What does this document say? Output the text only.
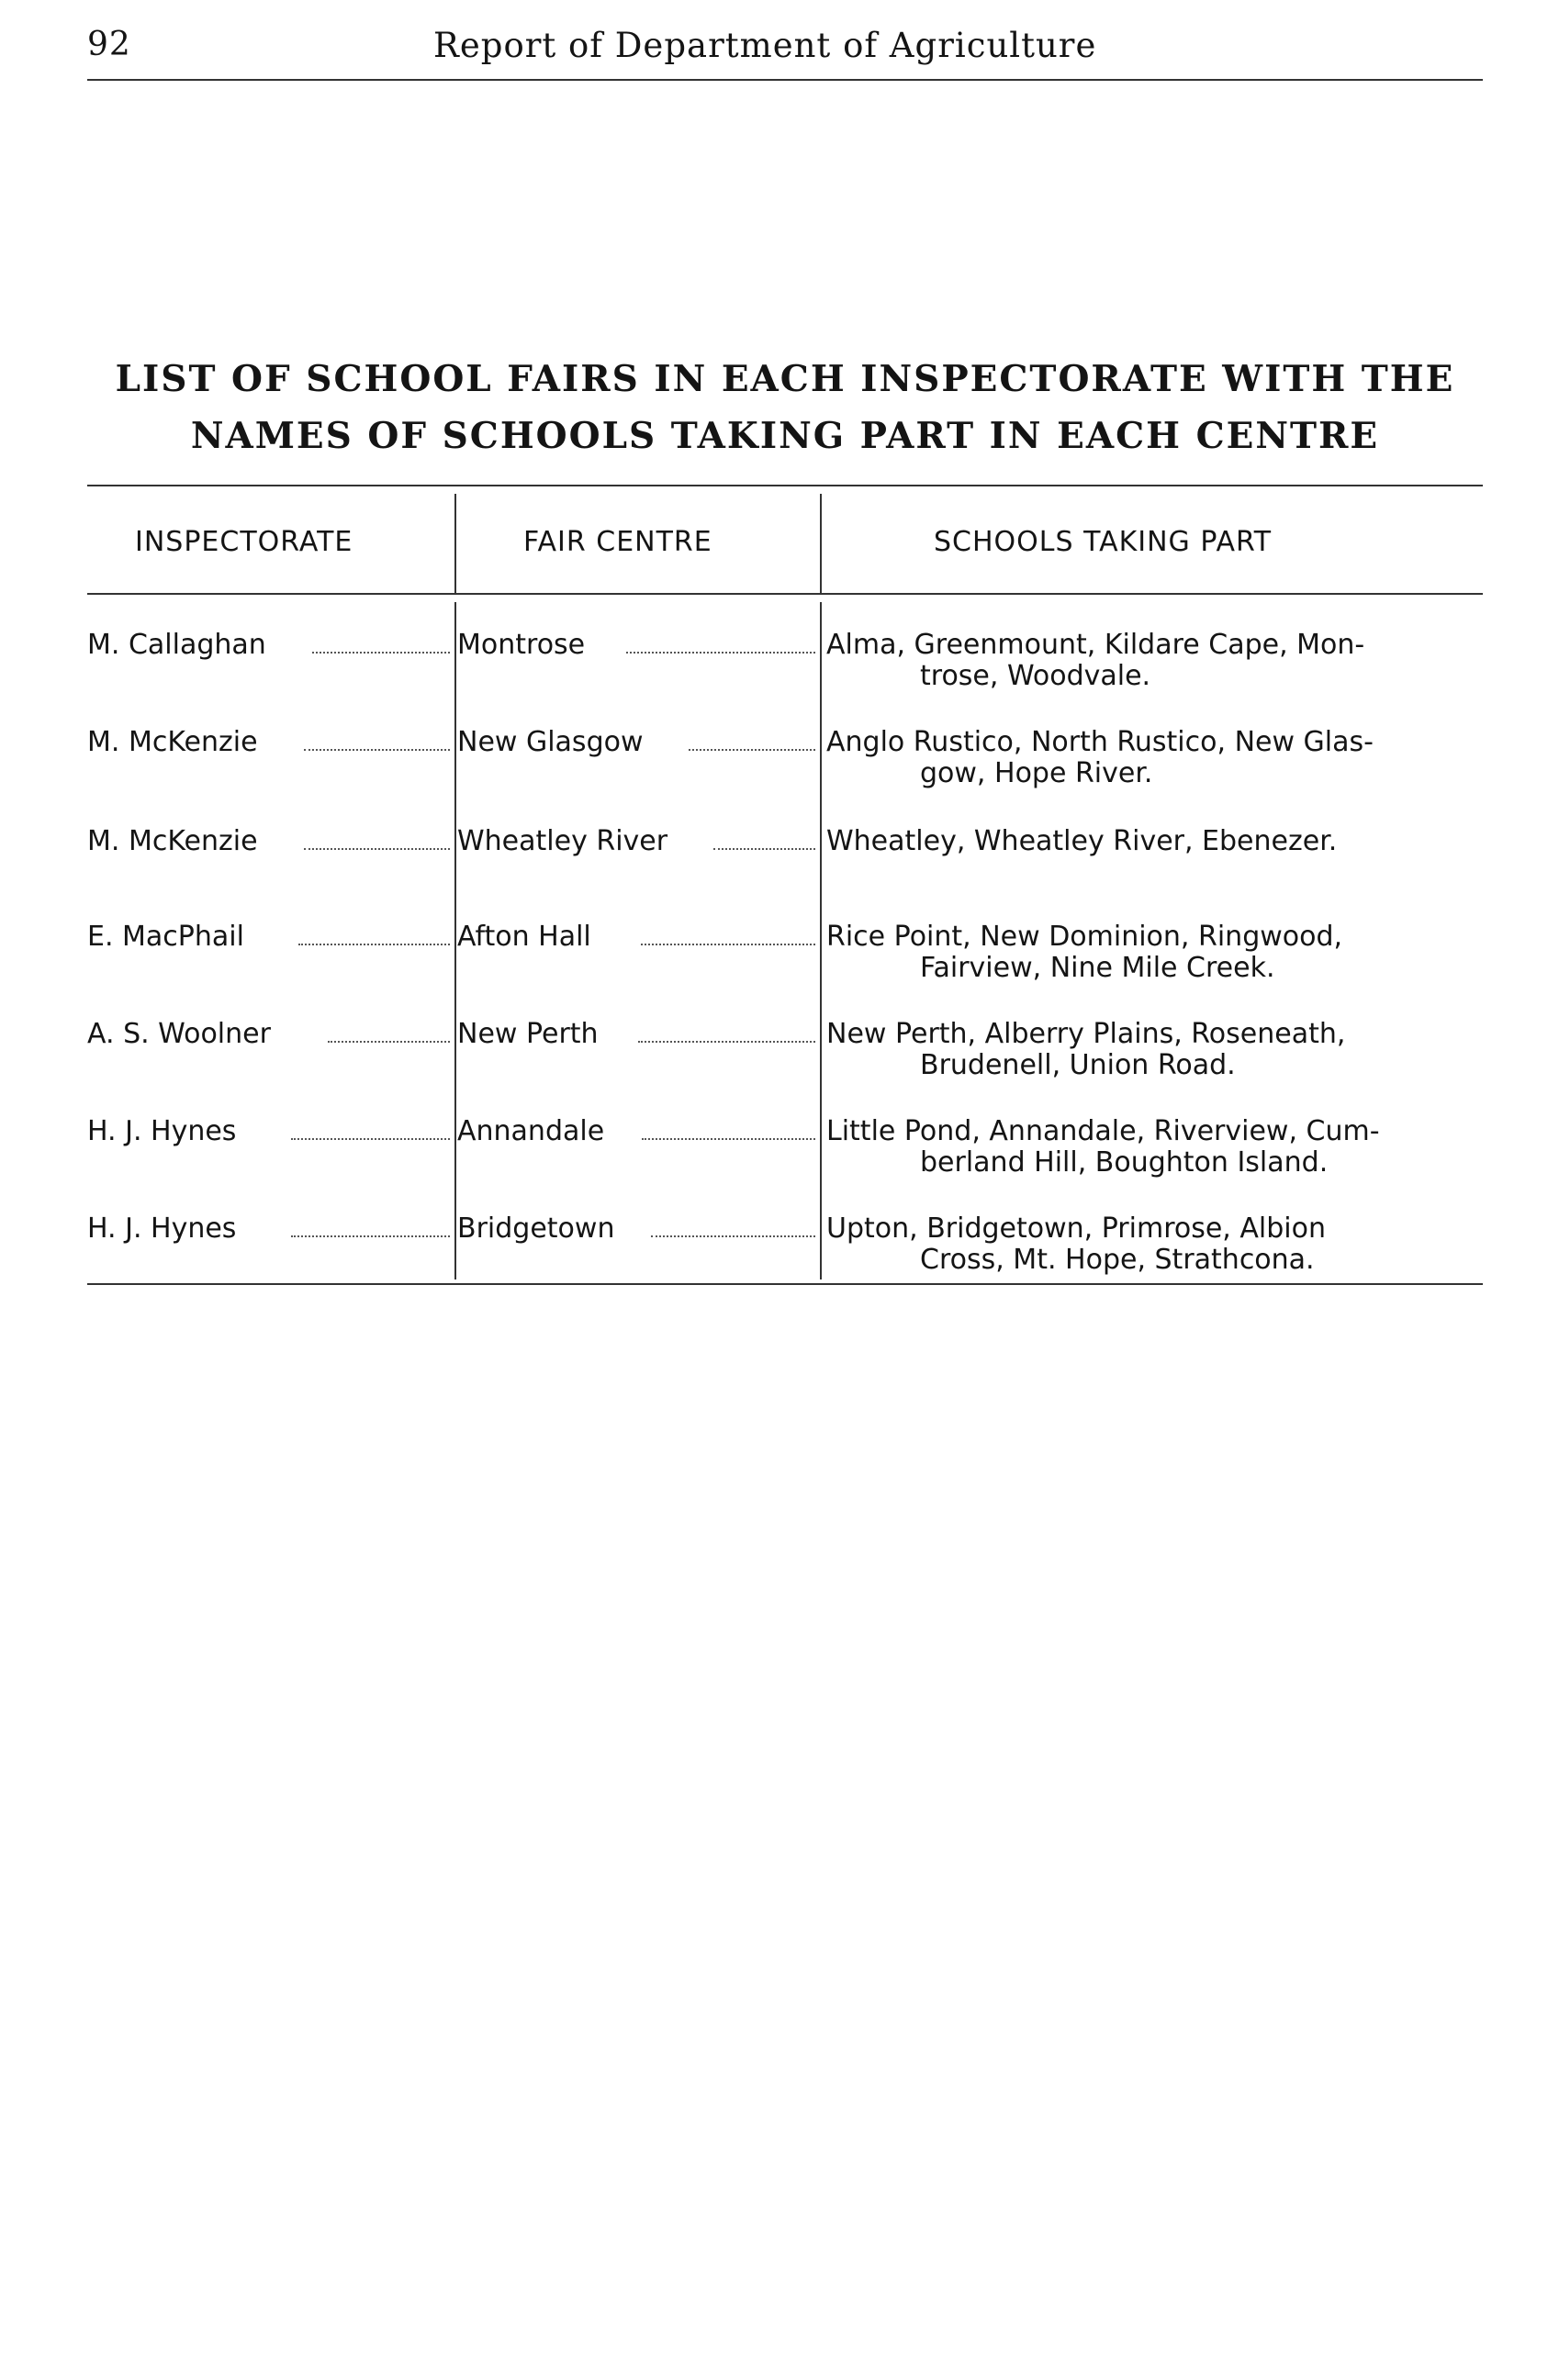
92	Report of Department of Agriculture
LIST OF SCHOOL FAIRS IN EACH INSPECTORATE WITH THE
NAMES OF SCHOOLS TAKING PART IN EACH CENTRE
INSPECTORATE	FAIR CENTRE	SCHOOLS TAKING PART
M. Callaghan	Montrose	Alma, Greenmount, Kildare Cape, Mon-
trose, Woodvale.
M. McKenzie	New Glasgow	Anglo Rustico, North Rustico, New Glas-
gow, Hope River.
M. McKenzie	Wheatley River	Wheatley, Wheatley River, Ebenezer.
E. MacPhail	Afton Hall	Rice Point, New Dominion, Ringwood,
Fairview, Nine Mile Creek.
A. S. Woolner	New Perth	New Perth, Alberry Plains, Roseneath,
Brudenell, Union Road.
H. J. Hynes	Annandale	Little Pond, Annandale, Riverview, Cum-
berland Hill, Boughton Island.
H. J. Hynes	Bridgetown	Upton, Bridgetown, Primrose, Albion
Cross, Mt. Hope, Strathcona.
